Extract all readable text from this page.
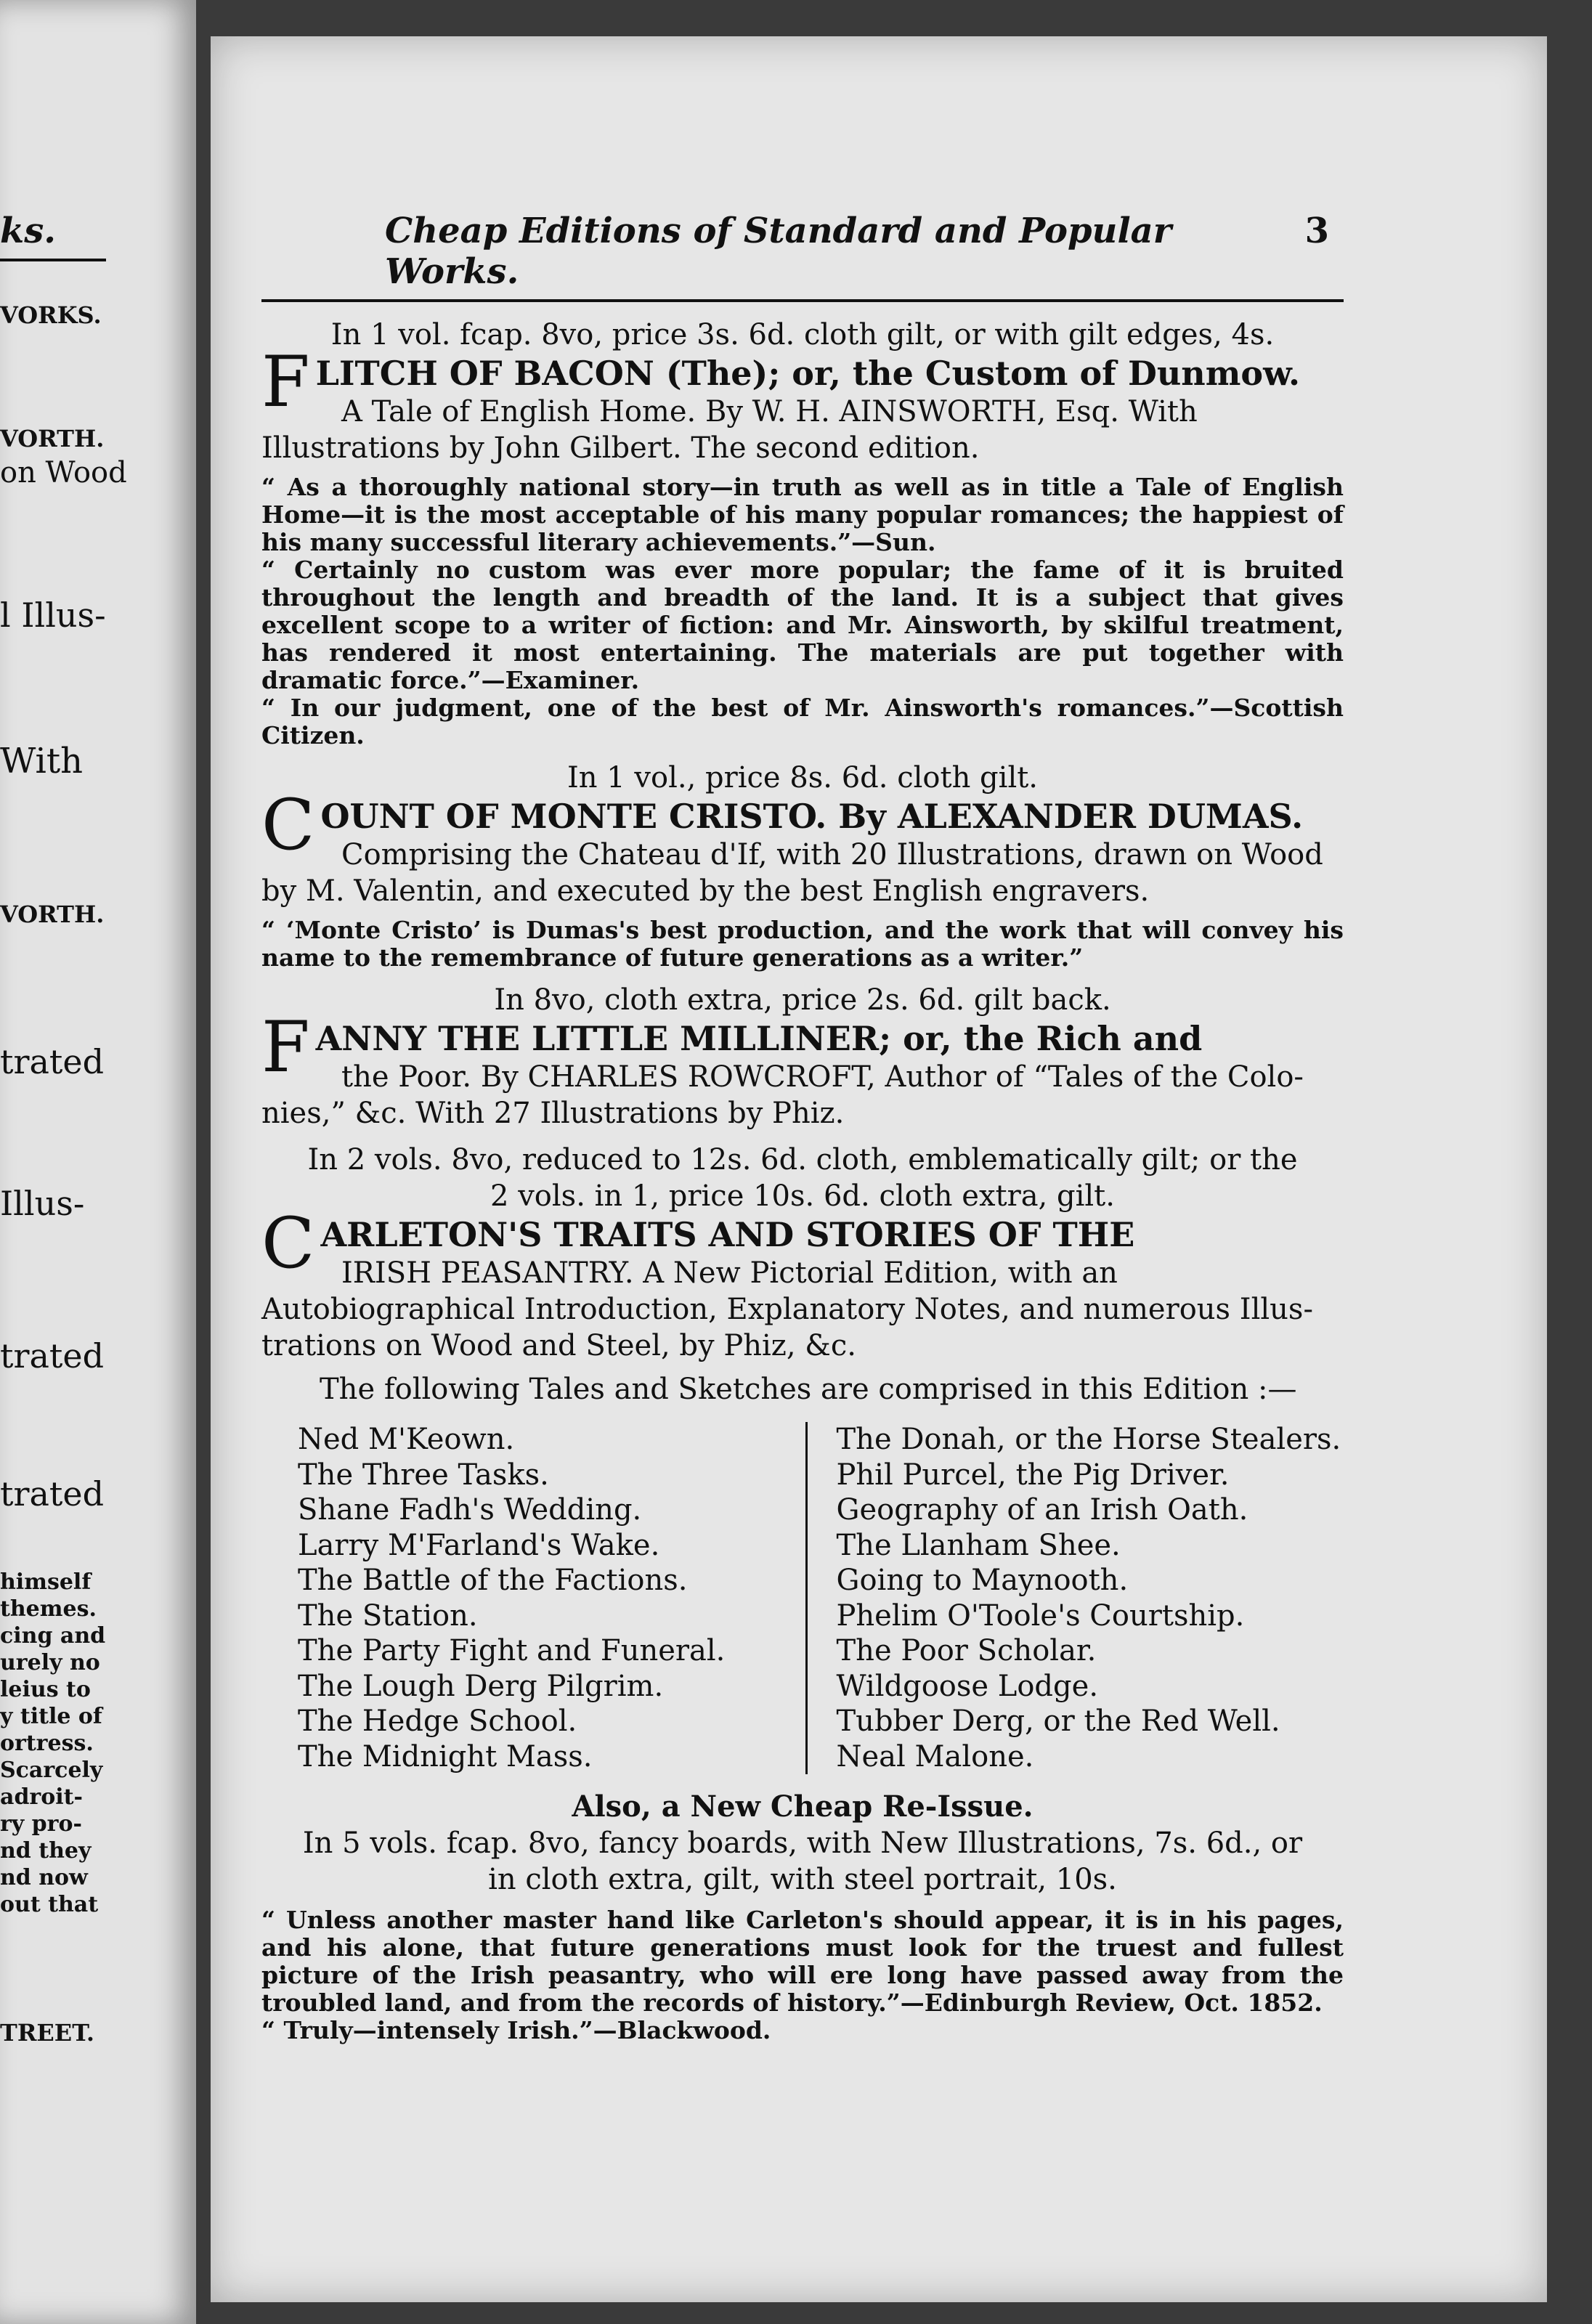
ks.
VORKS.
VORTH.
on Wood
l Illus-
With
VORTH.
trated
Illus-
trated
trated
himself
themes.
cing and
urely no
leius to
y title of
ortress.
Scarcely
adroit-
ry pro-
nd they
nd now
out that
TREET.
Cheap Editions of Standard and Popular Works.
3
In 1 vol. fcap. 8vo, price 3s. 6d. cloth gilt, or with gilt edges, 4s.
FLITCH OF BACON (The); or, the Custom of Dunmow.
A Tale of English Home. By W. H. AINSWORTH, Esq. With
Illustrations by John Gilbert. The second edition.
“ As a thoroughly national story—in truth as well as in title a Tale of English Home—it is the most acceptable of his many popular romances; the happiest of his many successful literary achievements.”—Sun.
“ Certainly no custom was ever more popular; the fame of it is bruited throughout the length and breadth of the land. It is a subject that gives excellent scope to a writer of fiction: and Mr. Ainsworth, by skilful treatment, has rendered it most entertaining. The materials are put together with dramatic force.”—Examiner.
“ In our judgment, one of the best of Mr. Ainsworth's romances.”—Scottish Citizen.
In 1 vol., price 8s. 6d. cloth gilt.
COUNT OF MONTE CRISTO. By ALEXANDER DUMAS.
Comprising the Chateau d'If, with 20 Illustrations, drawn on Wood
by M. Valentin, and executed by the best English engravers.
“ ‘Monte Cristo’ is Dumas's best production, and the work that will convey his name to the remembrance of future generations as a writer.”
In 8vo, cloth extra, price 2s. 6d. gilt back.
FANNY THE LITTLE MILLINER; or, the Rich and
the Poor. By CHARLES ROWCROFT, Author of “Tales of the Colo-
nies,” &c. With 27 Illustrations by Phiz.
In 2 vols. 8vo, reduced to 12s. 6d. cloth, emblematically gilt; or the
2 vols. in 1, price 10s. 6d. cloth extra, gilt.
CARLETON'S TRAITS AND STORIES OF THE
IRISH PEASANTRY. A New Pictorial Edition, with an
Autobiographical Introduction, Explanatory Notes, and numerous Illus-
trations on Wood and Steel, by Phiz, &c.
The following Tales and Sketches are comprised in this Edition :—
Ned M'Keown.
The Three Tasks.
Shane Fadh's Wedding.
Larry M'Farland's Wake.
The Battle of the Factions.
The Station.
The Party Fight and Funeral.
The Lough Derg Pilgrim.
The Hedge School.
The Midnight Mass.
The Donah, or the Horse Stealers.
Phil Purcel, the Pig Driver.
Geography of an Irish Oath.
The Llanham Shee.
Going to Maynooth.
Phelim O'Toole's Courtship.
The Poor Scholar.
Wildgoose Lodge.
Tubber Derg, or the Red Well.
Neal Malone.
Also, a New Cheap Re-Issue.
In 5 vols. fcap. 8vo, fancy boards, with New Illustrations, 7s. 6d., or
in cloth extra, gilt, with steel portrait, 10s.
“ Unless another master hand like Carleton's should appear, it is in his pages, and his alone, that future generations must look for the truest and fullest picture of the Irish peasantry, who will ere long have passed away from the troubled land, and from the records of history.”—Edinburgh Review, Oct. 1852.
“ Truly—intensely Irish.”—Blackwood.
